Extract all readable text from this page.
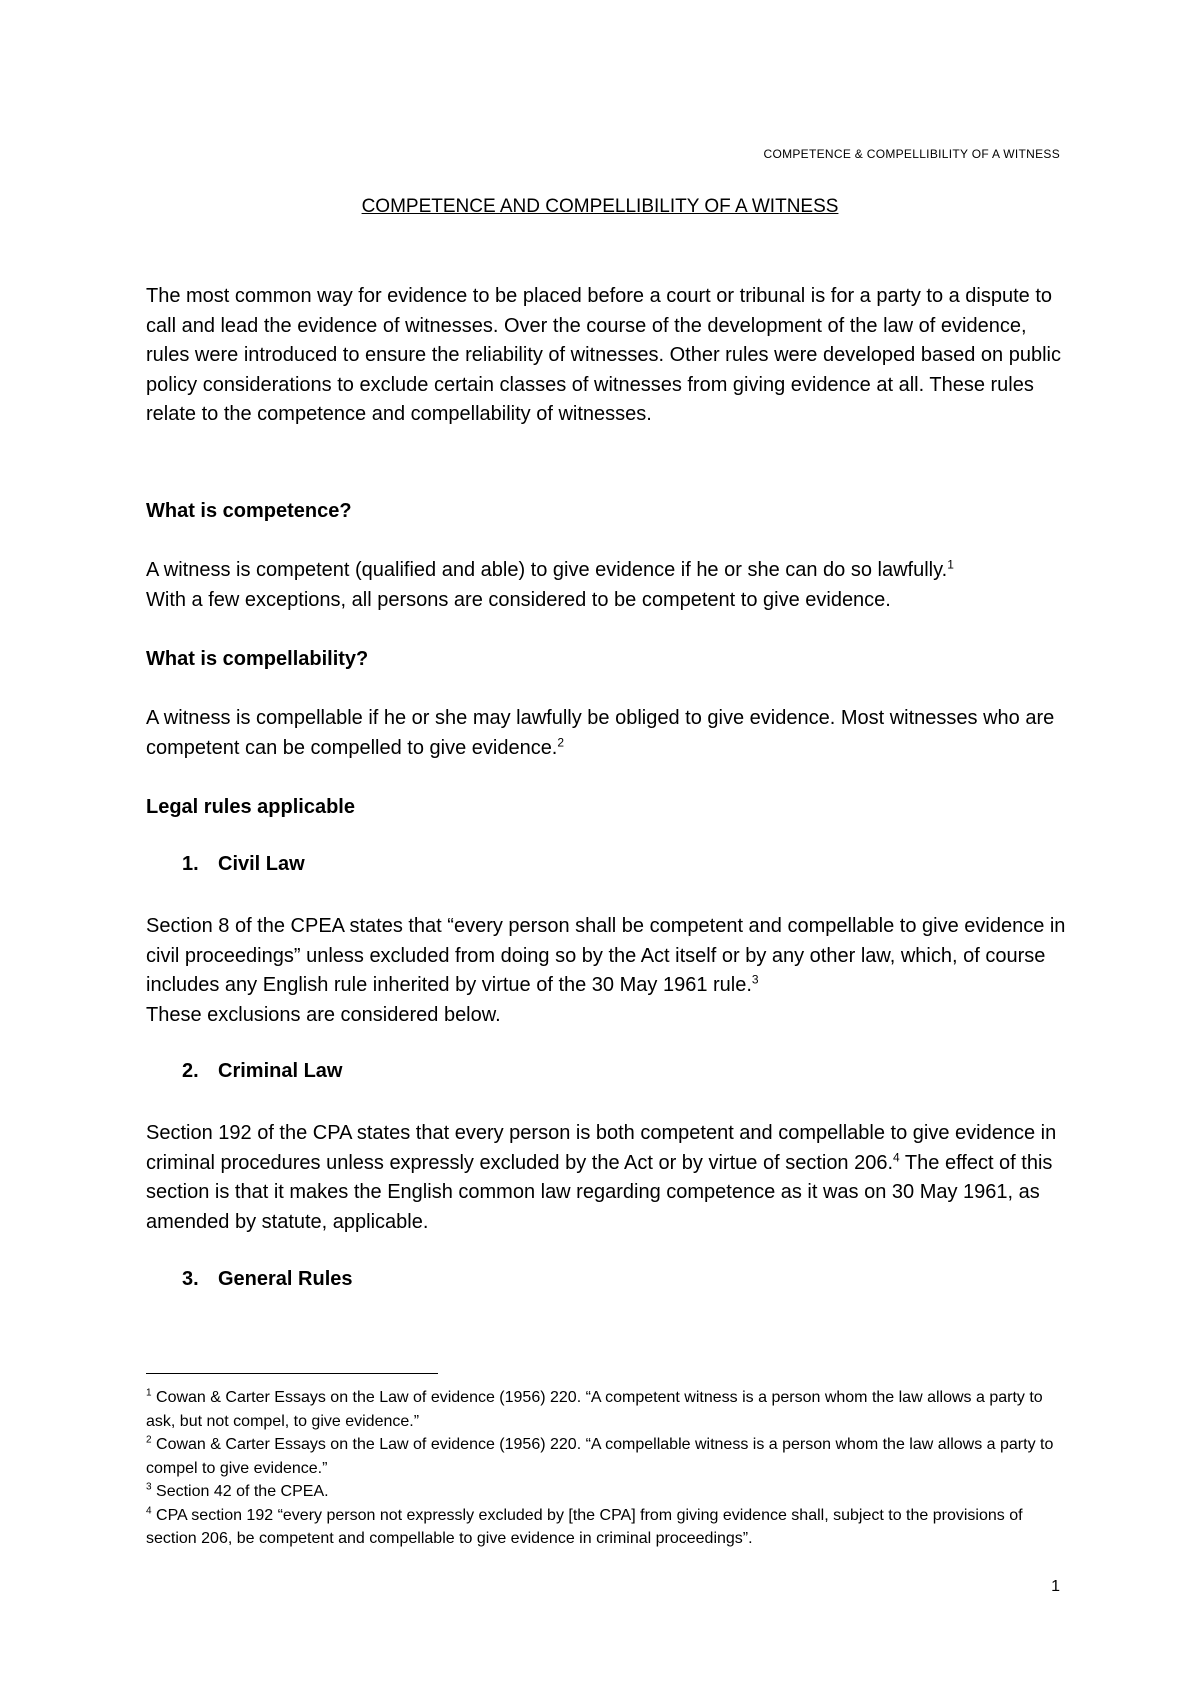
COMPETENCE & COMPELLIBILITY OF A WITNESS
COMPETENCE AND COMPELLIBILITY OF A WITNESS

The most common way for evidence to be placed before a court or tribunal is for a party to a dispute to call and lead the evidence of witnesses. Over the course of the development of the law of evidence, rules were introduced to ensure the reliability of witnesses. Other rules were developed based on public policy considerations to exclude certain classes of witnesses from giving evidence at all. These rules relate to the competence and compellability of witnesses.

What is competence?

A witness is competent (qualified and able) to give evidence if he or she can do so lawfully.$^1$
With a few exceptions, all persons are considered to be competent to give evidence.

What is compellability?

A witness is compellable if he or she may lawfully be obliged to give evidence. Most witnesses who are competent can be compelled to give evidence.$^2$

Legal rules applicable
1. Civil Law

Section 8 of the CPEA states that “every person shall be competent and compellable to give evidence in civil proceedings” unless excluded from doing so by the Act itself or by any other law, which, of course includes any English rule inherited by virtue of the 30 May 1961 rule.$^3$
These exclusions are considered below.

2. Criminal Law

Section 192 of the CPA states that every person is both competent and compellable to give evidence in criminal procedures unless expressly excluded by the Act or by virtue of section 206.$^4$ The effect of this section is that it makes the English common law regarding competence as it was on 30 May 1961, as amended by statute, applicable.

3. General Rules

$^1$ Cowan & Carter Essays on the Law of evidence (1956) 220. “A competent witness is a person whom the law allows a party to ask, but not compel, to give evidence.”

$^2$ Cowan & Carter Essays on the Law of evidence (1956) 220. “A compellable witness is a person whom the law allows a party to compel to give evidence.”

$^3$ Section 42 of the CPEA.

$^4$ CPA section 192 “every person not expressly excluded by [the CPA] from giving evidence shall, subject to the provisions of section 206, be competent and compellable to give evidence in criminal proceedings”.

1
